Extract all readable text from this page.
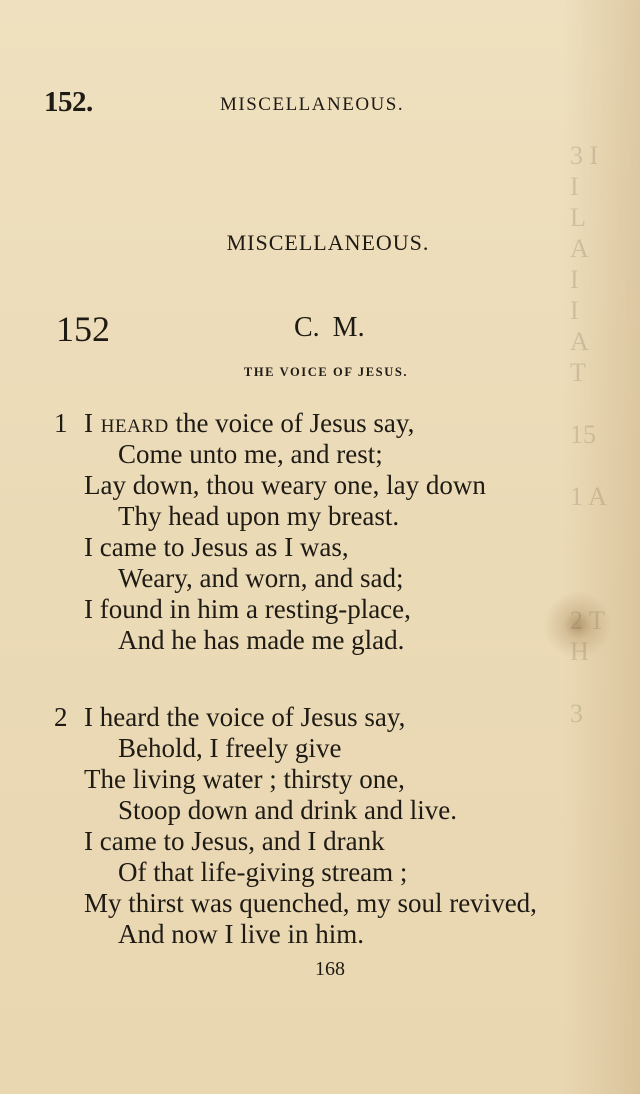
3 I
I
L
A
I
I
A
T

15

1 A

2 T
H

3
152.	MISCELLANEOUS.
MISCELLANEOUS.
152	C. M.
THE VOICE OF JESUS.
1 I heard the voice of Jesus say,
Come unto me, and rest;
Lay down, thou weary one, lay down
Thy head upon my breast.
I came to Jesus as I was,
Weary, and worn, and sad;
I found in him a resting-place,
And he has made me glad.
2 I heard the voice of Jesus say,
Behold, I freely give
The living water ; thirsty one,
Stoop down and drink and live.
I came to Jesus, and I drank
Of that life-giving stream ;
My thirst was quenched, my soul revived,
And now I live in him.
168
